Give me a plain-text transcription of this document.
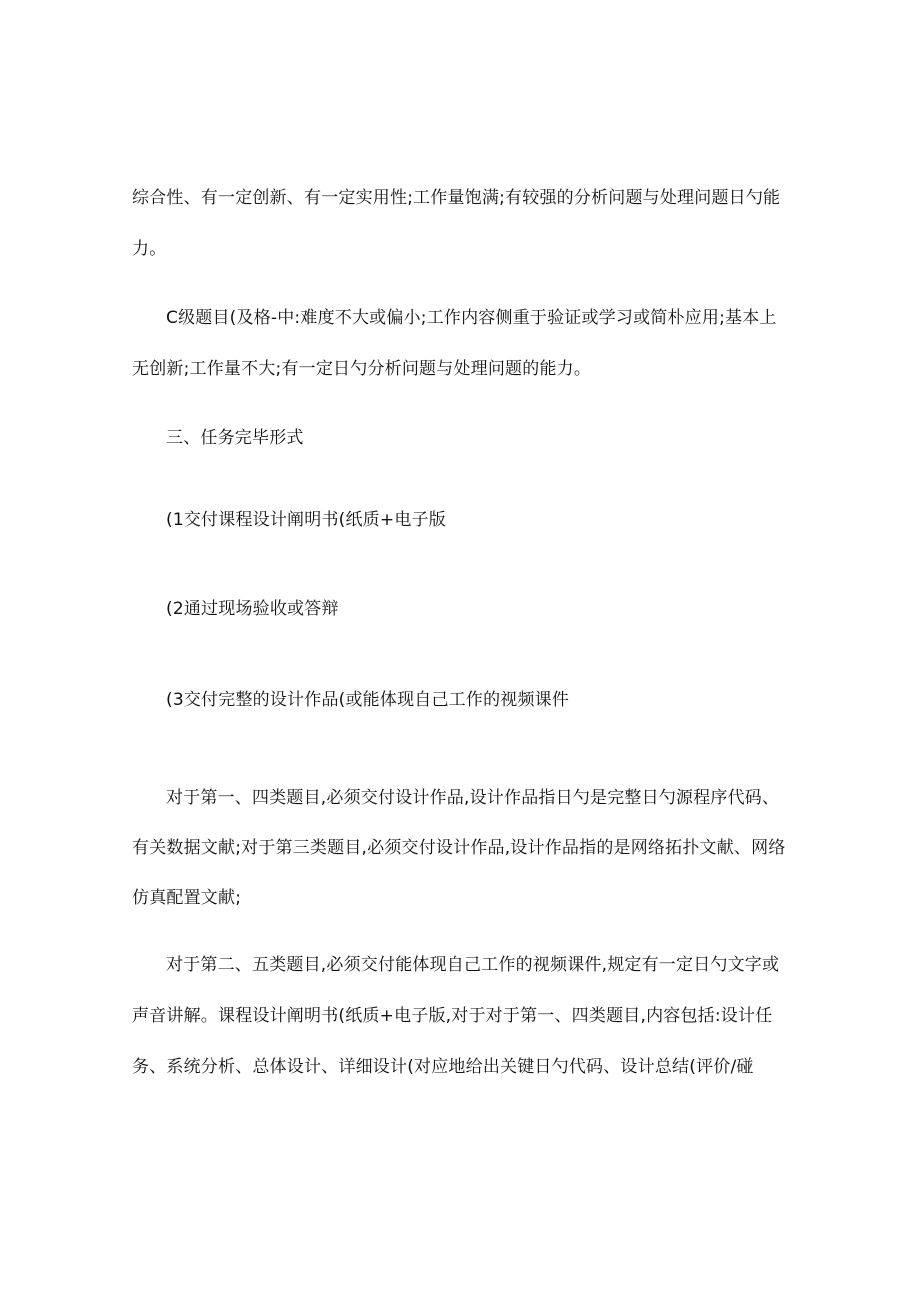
综合性、有一定创新、有一定实用性;工作量饱满;有较强的分析问题与处理问题日勺能
力。
C级题目(及格-中:难度不大或偏小;工作内容侧重于验证或学习或简朴应用;基本上
无创新;工作量不大;有一定日勺分析问题与处理问题的能力。
三、任务完毕形式
(1交付课程设计阐明书(纸质+电子版
(2通过现场验收或答辩
(3交付完整的设计作品(或能体现自己工作的视频课件
对于第一、四类题目,必须交付设计作品,设计作品指日勺是完整日勺源程序代码、
有关数据文献;对于第三类题目,必须交付设计作品,设计作品指的是网络拓扑文献、网络
仿真配置文献;
对于第二、五类题目,必须交付能体现自己工作的视频课件,规定有一定日勺文字或
声音讲解。课程设计阐明书(纸质+电子版,对于对于第一、四类题目,内容包括:设计任
务、系统分析、总体设计、详细设计(对应地给出关键日勺代码、设计总结(评价/碰
